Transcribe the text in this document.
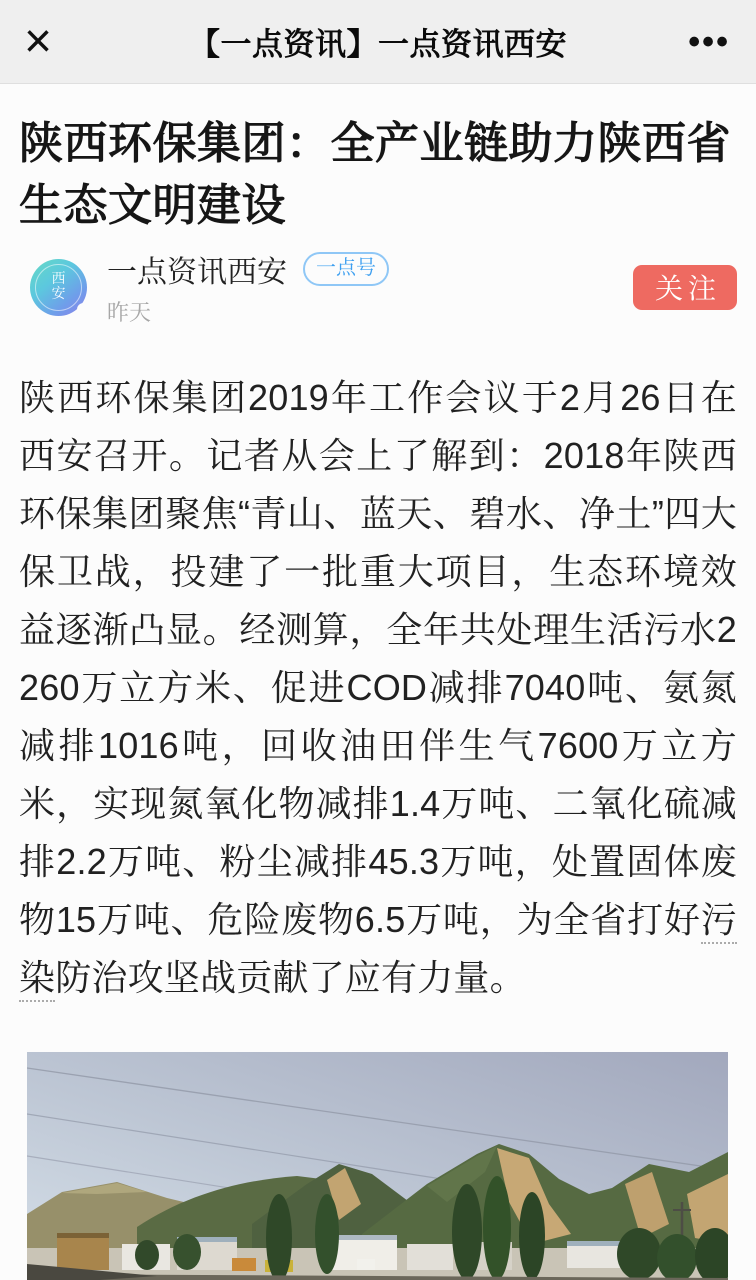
×	【一点资讯】一点资讯西安	•••
陕西环保集团：全产业链助力陕西省生态文明建设
西
安
一点资讯西安	一点号
昨天
关注

陕西环保集团2019年工作会议于2月26日在西安召开。记者从会上了解到：2018年陕西环保集团聚焦“青山、蓝天、碧水、净土”四大保卫战，投建了一批重大项目，生态环境效益逐渐凸显。经测算，全年共处理生活污水2260万立方米、促进COD减排7040吨、氨氮减排1016吨，回收油田伴生气7600万立方米，实现氮氧化物减排1.4万吨、二氧化硫减排2.2万吨、粉尘减排45.3万吨，处置固体废物15万吨、危险废物6.5万吨，为全省打好污染防治攻坚战贡献了应有力量。
